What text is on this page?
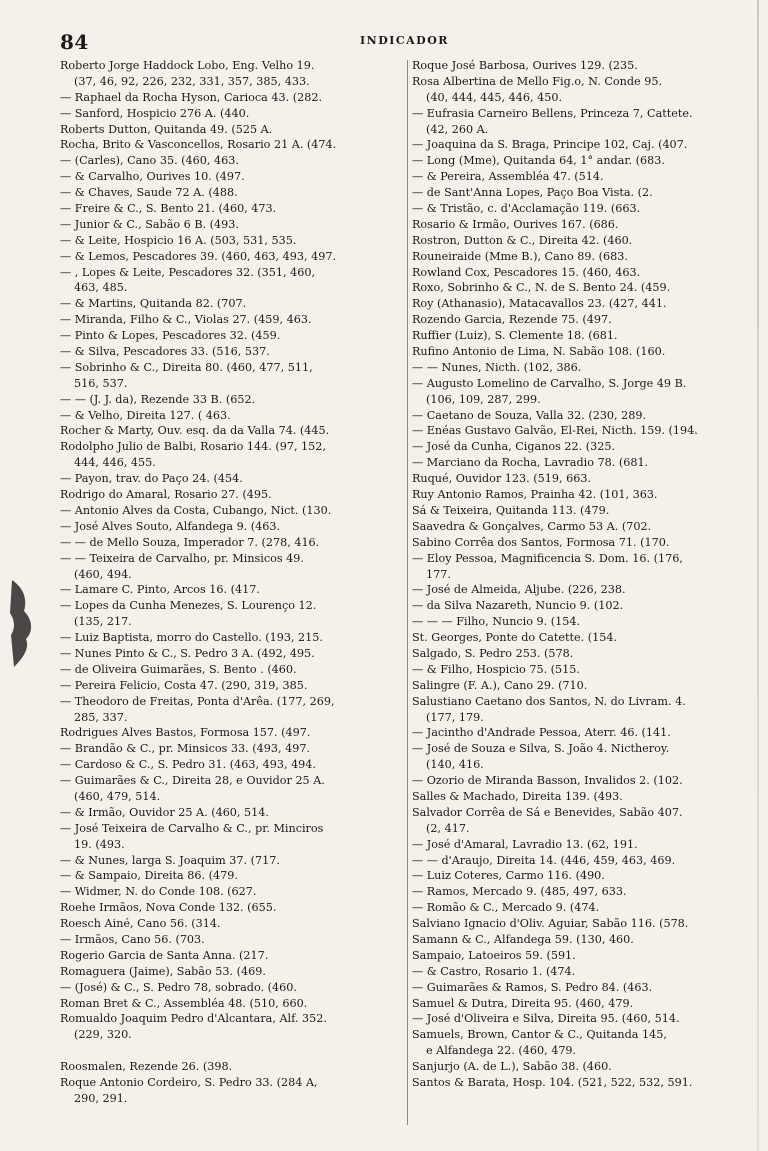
84	INDICADOR
Roberto Jorge Haddock Lobo, Eng. Velho 19.
(37, 46, 92, 226, 232, 331, 357, 385, 433.
— Raphael da Rocha Hyson, Carioca 43. (282.
— Sanford, Hospicio 276 A. (440.
Roberts Dutton, Quitanda 49. (525 A.
Rocha, Brito & Vasconcellos, Rosario 21 A. (474.
— (Carles), Cano 35. (460, 463.
— & Carvalho, Ourives 10. (497.
— & Chaves, Saude 72 A. (488.
— Freire & C., S. Bento 21. (460, 473.
— Junior & C., Sabão 6 B. (493.
— & Leite, Hospicio 16 A. (503, 531, 535.
— & Lemos, Pescadores 39. (460, 463, 493, 497.
— , Lopes & Leite, Pescadores 32. (351, 460,
463, 485.
— & Martins, Quitanda 82. (707.
— Miranda, Filho & C., Violas 27. (459, 463.
— Pinto & Lopes, Pescadores 32. (459.
— & Silva, Pescadores 33. (516, 537.
— Sobrinho & C., Direita 80. (460, 477, 511,
516, 537.
— — (J. J. da), Rezende 33 B. (652.
— & Velho, Direita 127. ( 463.
Rocher & Marty, Ouv. esq. da da Valla 74. (445.
Rodolpho Julio de Balbi, Rosario 144. (97, 152,
444, 446, 455.
— Payon, trav. do Paço 24. (454.
Rodrigo do Amaral, Rosario 27. (495.
— Antonio Alves da Costa, Cubango, Nict. (130.
— José Alves Souto, Alfandega 9. (463.
— — de Mello Souza, Imperador 7. (278, 416.
— — Teixeira de Carvalho, pr. Minsicos 49.
(460, 494.
— Lamare C. Pinto, Arcos 16. (417.
— Lopes da Cunha Menezes, S. Lourenço 12.
(135, 217.
— Luiz Baptista, morro do Castello. (193, 215.
— Nunes Pinto & C., S. Pedro 3 A. (492, 495.
— de Oliveira Guimarães, S. Bento . (460.
— Pereira Felicio, Costa 47. (290, 319, 385.
— Theodoro de Freitas, Ponta d'Arêa. (177, 269,
285, 337.
Rodrigues Alves Bastos, Formosa 157. (497.
— Brandão & C., pr. Minsicos 33. (493, 497.
— Cardoso & C., S. Pedro 31. (463, 493, 494.
— Guimarães & C., Direita 28, e Ouvidor 25 A.
(460, 479, 514.
— & Irmão, Ouvidor 25 A. (460, 514.
— José Teixeira de Carvalho & C., pr. Minciros
19. (493.
— & Nunes, larga S. Joaquim 37. (717.
— & Sampaio, Direita 86. (479.
— Widmer, N. do Conde 108. (627.
Roehe Irmãos, Nova Conde 132. (655.
Roesch Ainé, Cano 56. (314.
— Irmãos, Cano 56. (703.
Rogerio Garcia de Santa Anna. (217.
Romaguera (Jaime), Sabão 53. (469.
— (José) & C., S. Pedro 78, sobrado. (460.
Roman Bret & C., Assembléa 48. (510, 660.
Romualdo Joaquim Pedro d'Alcantara, Alf. 352.
(229, 320.
Roosmalen, Rezende 26. (398.
Roque Antonio Cordeiro, S. Pedro 33. (284 A,
290, 291.
Roque José Barbosa, Ourives 129. (235.
Rosa Albertina de Mello Fig.o, N. Conde 95.
(40, 444, 445, 446, 450.
— Eufrasia Carneiro Bellens, Princeza 7, Cattete.
(42, 260 A.
— Joaquina da S. Braga, Principe 102, Caj. (407.
— Long (Mme), Quitanda 64, 1° andar. (683.
— & Pereira, Assembléa 47. (514.
— de Sant'Anna Lopes, Paço Boa Vista. (2.
— & Tristão, c. d'Acclamação 119. (663.
Rosario & Irmão, Ourives 167. (686.
Rostron, Dutton & C., Direita 42. (460.
Rouneiraide (Mme B.), Cano 89. (683.
Rowland Cox, Pescadores 15. (460, 463.
Roxo, Sobrinho & C., N. de S. Bento 24. (459.
Roy (Athanasio), Matacavallos 23. (427, 441.
Rozendo Garcia, Rezende 75. (497.
Ruffier (Luiz), S. Clemente 18. (681.
Rufino Antonio de Lima, N. Sabão 108. (160.
— — Nunes, Nicth. (102, 386.
— Augusto Lomelino de Carvalho, S. Jorge 49 B.
(106, 109, 287, 299.
— Caetano de Souza, Valla 32. (230, 289.
— Enéas Gustavo Galvão, El-Rei, Nicth. 159. (194.
— José da Cunha, Ciganos 22. (325.
— Marciano da Rocha, Lavradio 78. (681.
Ruqué, Ouvidor 123. (519, 663.
Ruy Antonio Ramos, Prainha 42. (101, 363.
Sá & Teixeira, Quitanda 113. (479.
Saavedra & Gonçalves, Carmo 53 A. (702.
Sabino Corrêa dos Santos, Formosa 71. (170.
— Eloy Pessoa, Magnificencia S. Dom. 16. (176,
177.
— José de Almeida, Aljube. (226, 238.
— da Silva Nazareth, Nuncio 9. (102.
— — — Filho, Nuncio 9. (154.
St. Georges, Ponte do Catette. (154.
Salgado, S. Pedro 253. (578.
— & Filho, Hospicio 75. (515.
Salingre (F. A.), Cano 29. (710.
Salustiano Caetano dos Santos, N. do Livram. 4.
(177, 179.
— Jacintho d'Andrade Pessoa, Aterr. 46. (141.
— José de Souza e Silva, S. João 4. Nictheroy.
(140, 416.
— Ozorio de Miranda Basson, Invalidos 2. (102.
Salles & Machado, Direita 139. (493.
Salvador Corrêa de Sá e Benevides, Sabão 407.
(2, 417.
— José d'Amaral, Lavradio 13. (62, 191.
— — d'Araujo, Direita 14. (446, 459, 463, 469.
— Luiz Coteres, Carmo 116. (490.
— Ramos, Mercado 9. (485, 497, 633.
— Romão & C., Mercado 9. (474.
Salviano Ignacio d'Oliv. Aguiar, Sabão 116. (578.
Samann & C., Alfandega 59. (130, 460.
Sampaio, Latoeiros 59. (591.
— & Castro, Rosario 1. (474.
— Guimarães & Ramos, S. Pedro 84. (463.
Samuel & Dutra, Direita 95. (460, 479.
— José d'Oliveira e Silva, Direita 95. (460, 514.
Samuels, Brown, Cantor & C., Quitanda 145,
e Alfandega 22. (460, 479.
Sanjurjo (A. de L.), Sabão 38. (460.
Santos & Barata, Hosp. 104. (521, 522, 532, 591.
